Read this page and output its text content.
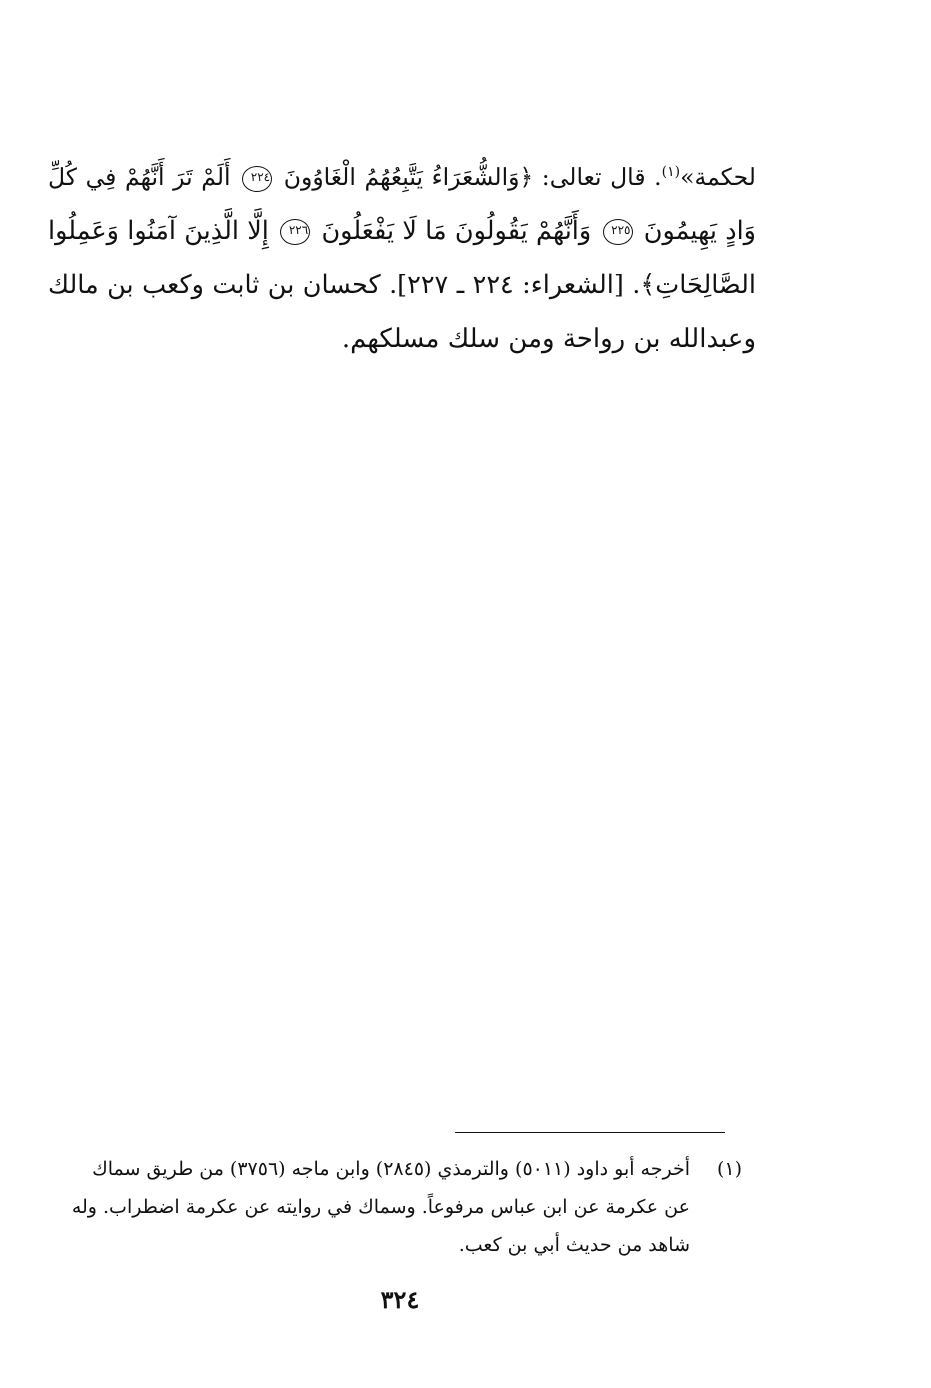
لحكمة»$^{(١)}$. قال تعالى: ﴿وَالشُّعَرَاءُ يَتَّبِعُهُمُ الْغَاوُونَ ٢٢٤ أَلَمْ تَرَ أَنَّهُمْ فِي كُلِّ
وَادٍ يَهِيمُونَ ٢٢٥ وَأَنَّهُمْ يَقُولُونَ مَا لَا يَفْعَلُونَ ٢٢٦ إِلَّا الَّذِينَ آمَنُوا وَعَمِلُوا
الصَّالِحَاتِ﴾. [الشعراء: ٢٢٤ ـ ٢٢٧]. كحسان بن ثابت وكعب بن مالك
وعبدالله بن رواحة ومن سلك مسلكهم.
(١)
أخرجه أبو داود (٥٠١١) والترمذي (٢٨٤٥) وابن ماجه (٣٧٥٦) من طريق سماك
عن عكرمة عن ابن عباس مرفوعاً. وسماك في روايته عن عكرمة اضطراب. وله
شاهد من حديث أبي بن كعب.
٣٢٤
